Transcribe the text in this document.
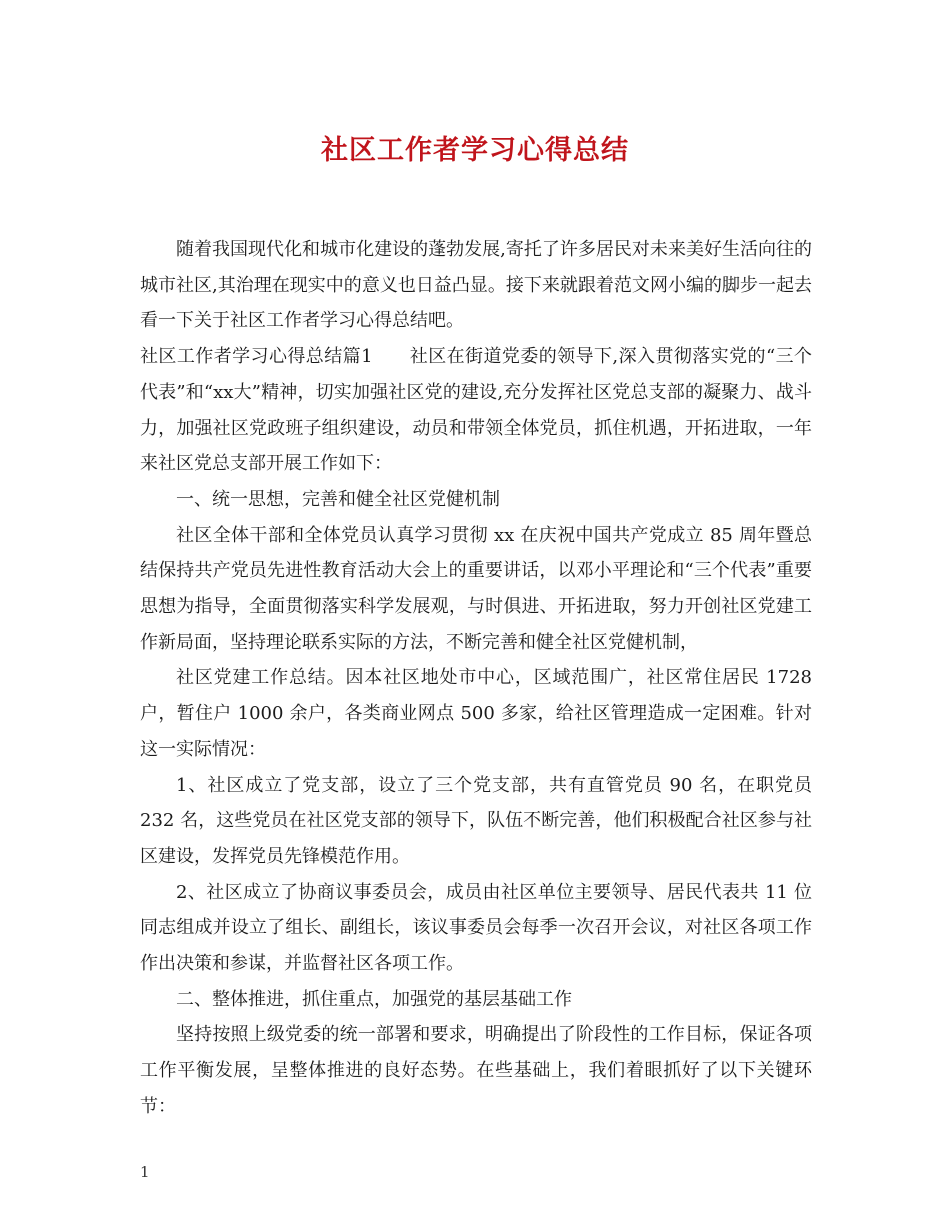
社区工作者学习心得总结

随着我国现代化和城市化建设的蓬勃发展,寄托了许多居民对未来美好生活向往的城市社区,其治理在现实中的意义也日益凸显。接下来就跟着范文网小编的脚步一起去看一下关于社区工作者学习心得总结吧。

社区工作者学习心得总结篇1　　社区在街道党委的领导下,深入贯彻落实党的“三个代表”和“xx大”精神，切实加强社区党的建设,充分发挥社区党总支部的凝聚力、战斗力，加强社区党政班子组织建设，动员和带领全体党员，抓住机遇，开拓进取，一年来社区党总支部开展工作如下：

一、统一思想，完善和健全社区党健机制

社区全体干部和全体党员认真学习贯彻 xx 在庆祝中国共产党成立 85 周年暨总结保持共产党员先进性教育活动大会上的重要讲话，以邓小平理论和“三个代表”重要思想为指导，全面贯彻落实科学发展观，与时俱进、开拓进取，努力开创社区党建工作新局面，坚持理论联系实际的方法，不断完善和健全社区党健机制，

社区党建工作总结。因本社区地处市中心，区域范围广，社区常住居民 1728户，暂住户 1000 余户，各类商业网点 500 多家，给社区管理造成一定困难。针对这一实际情况：

1、社区成立了党支部，设立了三个党支部，共有直管党员 90 名，在职党员232 名，这些党员在社区党支部的领导下，队伍不断完善，他们积极配合社区参与社区建设，发挥党员先锋模范作用。

2、社区成立了协商议事委员会，成员由社区单位主要领导、居民代表共 11 位同志组成并设立了组长、副组长，该议事委员会每季一次召开会议，对社区各项工作作出决策和参谋，并监督社区各项工作。

二、整体推进，抓住重点，加强党的基层基础工作

坚持按照上级党委的统一部署和要求，明确提出了阶段性的工作目标，保证各项工作平衡发展，呈整体推进的良好态势。在些基础上，我们着眼抓好了以下关键环节：

1
